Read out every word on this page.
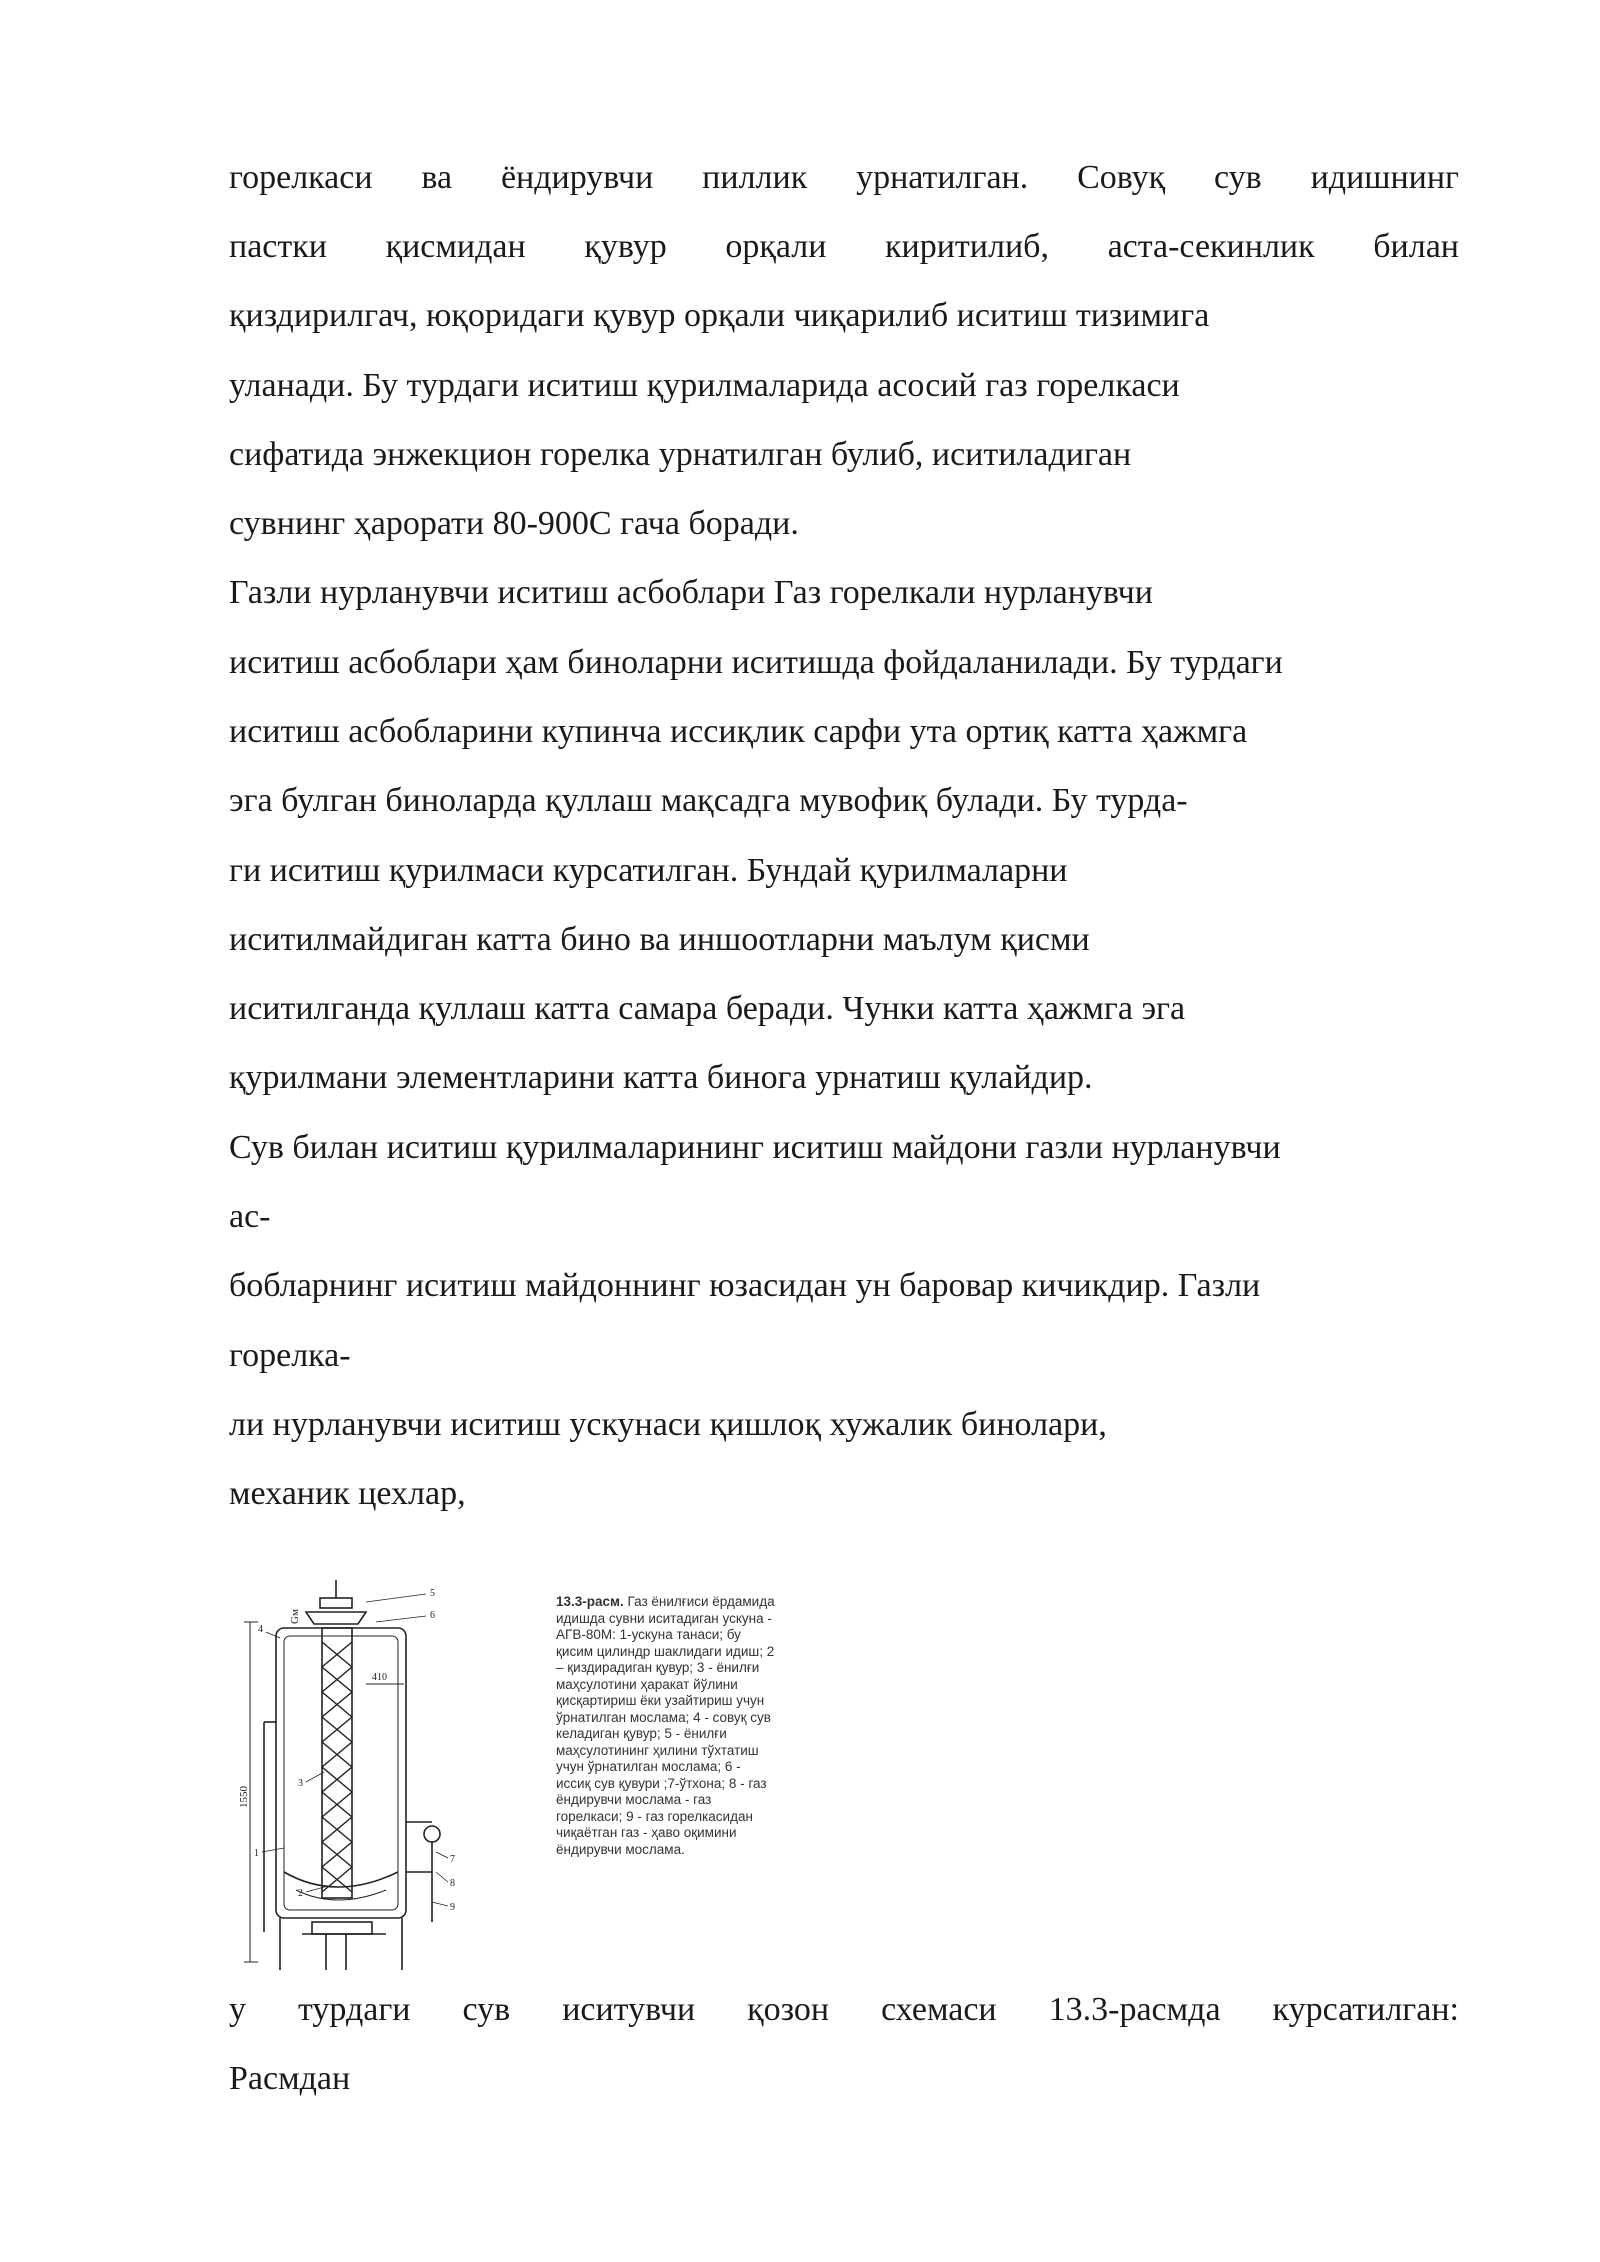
горелкаси ва ёндирувчи пиллик урнатилган. Совуқ сув идишнинг
пастки қисмидан қувур орқали киритилиб, аста-секинлик билан
қиздирилгач, юқоридаги қувур орқали чиқарилиб иситиш тизимига
уланади. Бу турдаги иситиш қурилмаларида асосий газ горелкаси
сифатида энжекцион горелка урнатилган булиб, иситиладиган
сувнинг ҳарорати 80-900С гача боради.
Газли нурланувчи иситиш асбоблари Газ горелкали нурланувчи
иситиш асбоблари ҳам биноларни иситишда фойдаланилади. Бу турдаги
иситиш асбобларини купинча иссиқлик сарфи ута ортиқ катта ҳажмга
эга булган биноларда қуллаш мақсадга мувофиқ булади. Бу турда-
ги иситиш қурилмаси курсатилган. Бундай қурилмаларни
иситилмайдиган катта бино ва иншоотларни маълум қисми
иситилганда қуллаш катта самара беради. Чунки катта ҳажмга эга
қурилмани элементларини катта бинога урнатиш қулайдир.
Сув билан иситиш қурилмаларининг иситиш майдони газли нурланувчи
ас-
бобларнинг иситиш майдоннинг юзасидан ун баровар кичикдир. Газли
горелка-
ли нурланувчи иситиш ускунаси қишлоқ хужалик бинолари,
механик цехлар,
1550
Gм
410
5
6
4
3
1
2
7
8
9
13.3-расм. Газ ёнилғиси ёрдамида идишда сувни иситадиган ускуна - АГВ-80М: 1-ускуна танаси; бу қисим цилиндр шаклидаги идиш; 2 – қиздирадиган қувур; 3 - ёнилғи маҳсулотини ҳаракат йўлини қисқартириш ёки узайтириш учун ўрнатилган мослама; 4 - совуқ сув келадиган қувур; 5 - ёнилғи маҳсулотининг ҳилини тўхтатиш учун ўрнатилган мослама; 6 - иссиқ сув қувури ;7-ўтхона; 8 - газ ёндирувчи мослама - газ горелкаси; 9 - газ горелкасидан чиқаётган газ - ҳаво оқимини ёндирувчи мослама.
у турдаги сув иситувчи қозон схемаси 13.3-расмда курсатилган:
Расмдан
